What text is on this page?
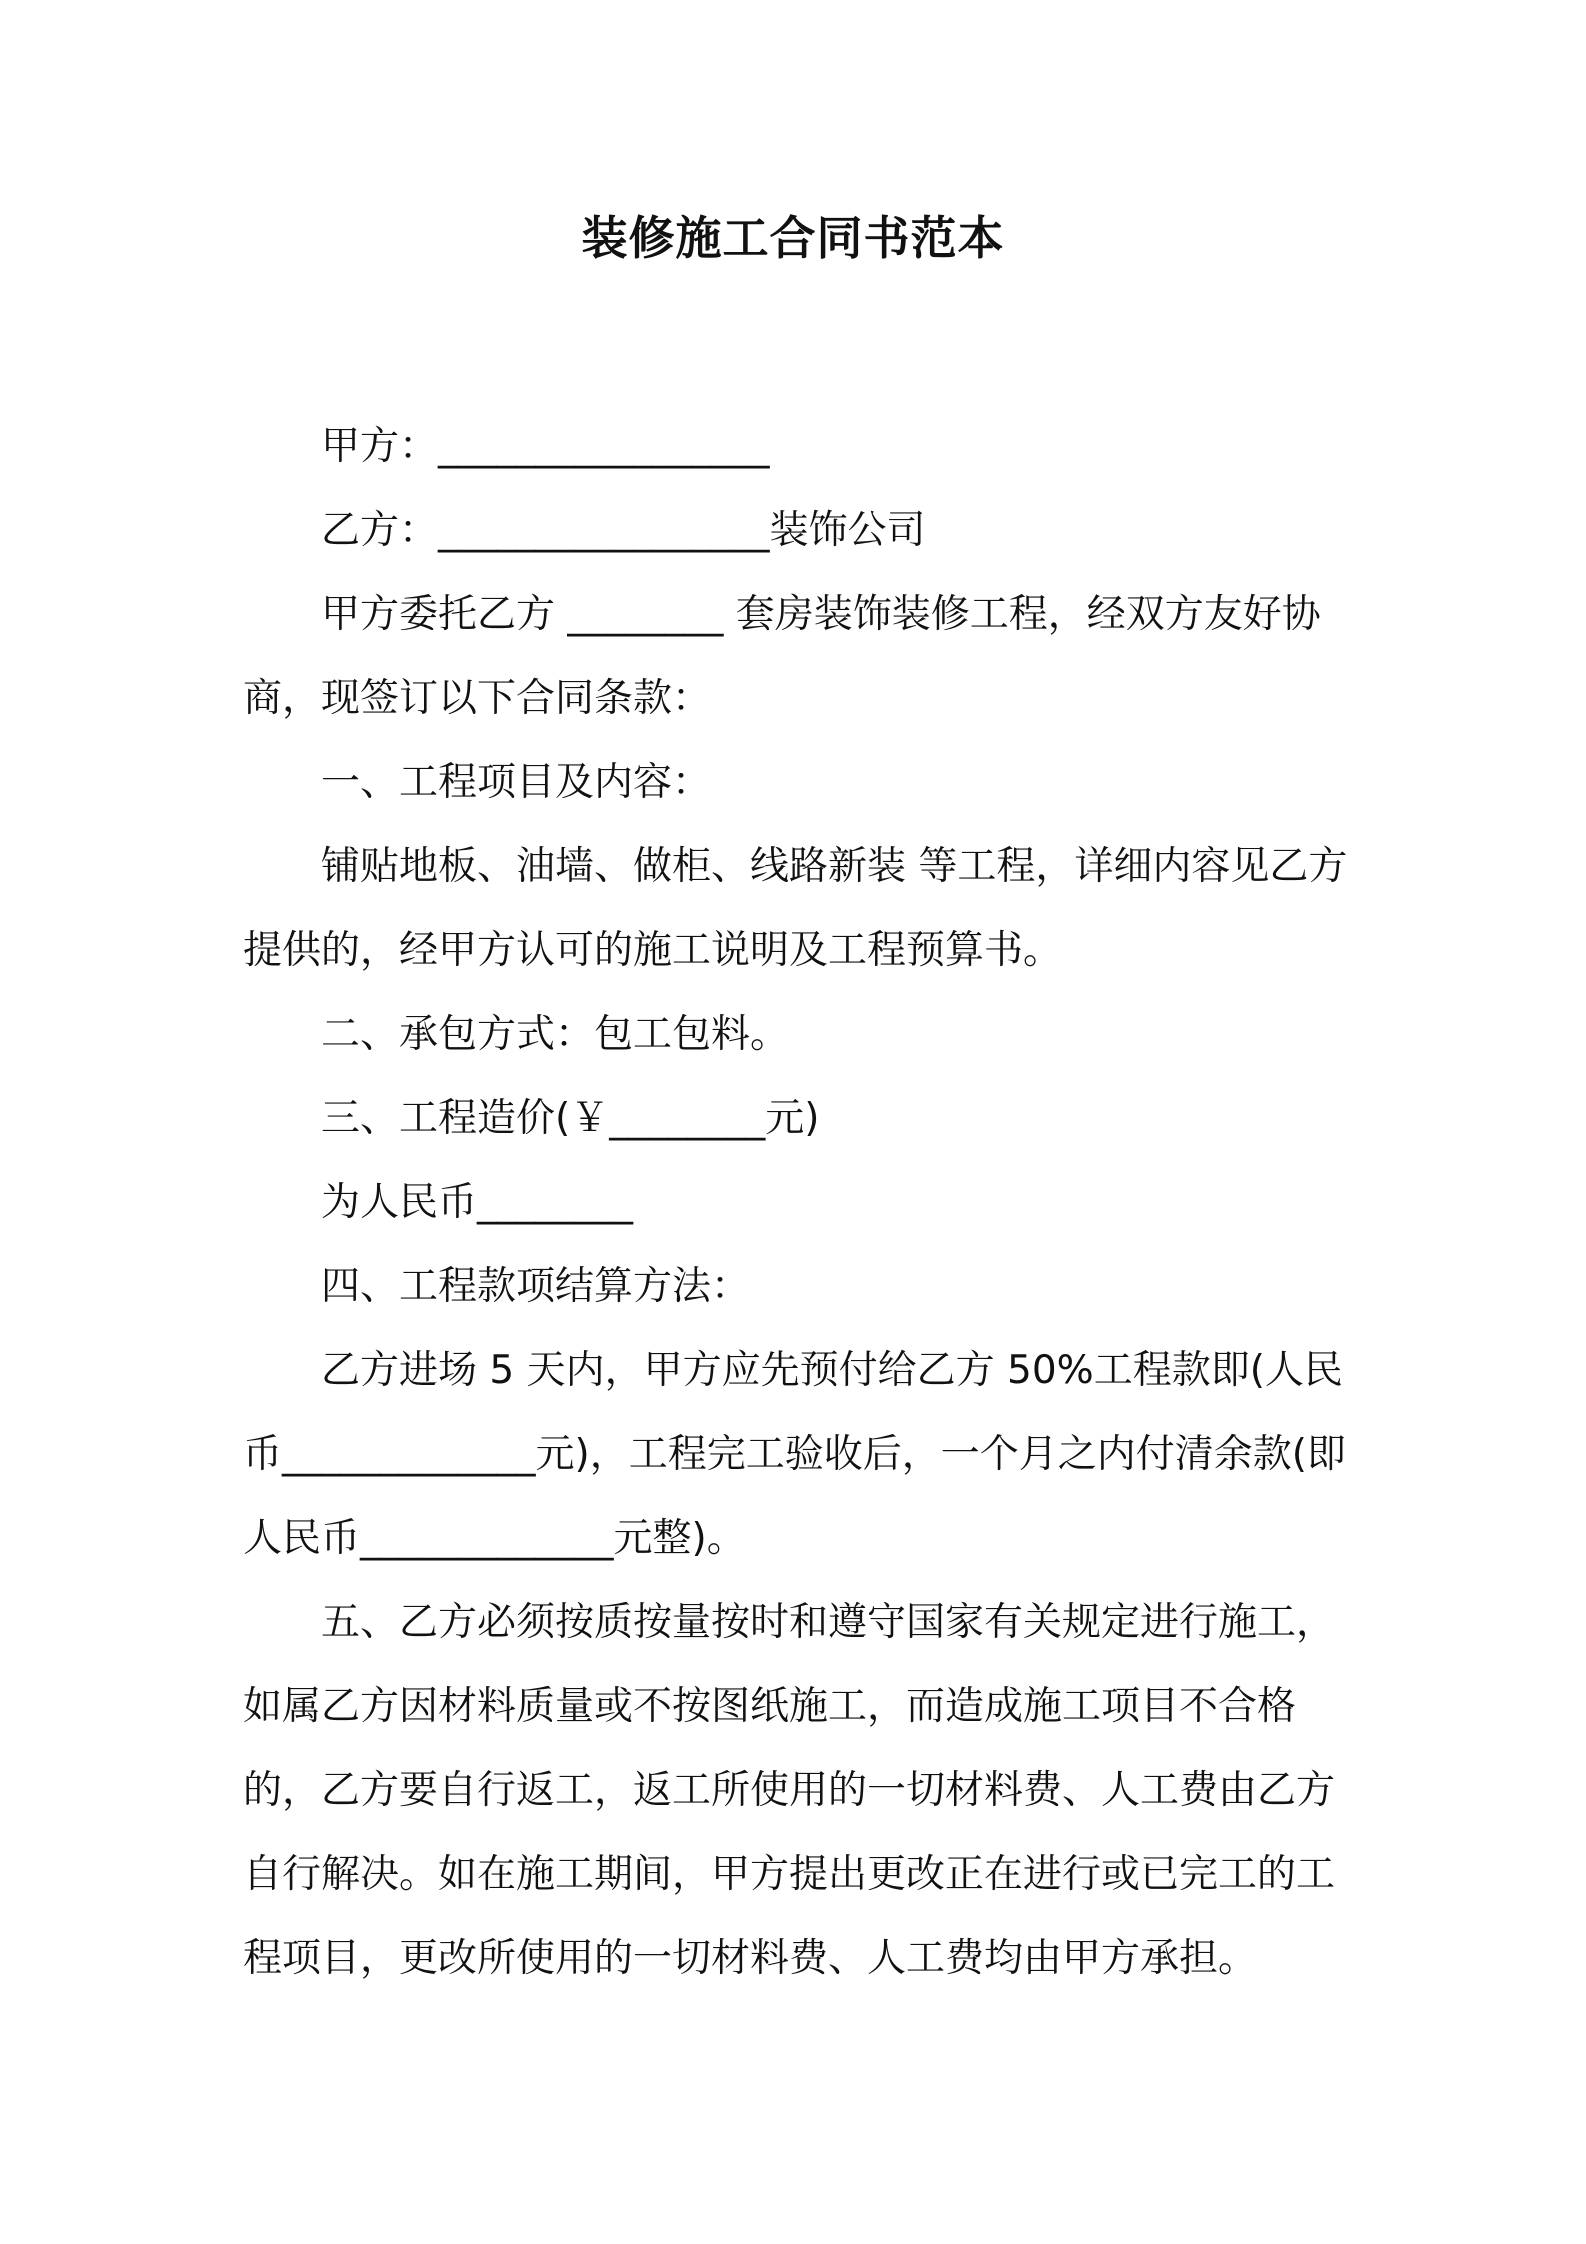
装修施工合同书范本

甲方：_________________

乙方：_________________装饰公司

甲方委托乙方 ________ 套房装饰装修工程，经双方友好协商，现签订以下合同条款：

一、工程项目及内容：

铺贴地板、油墙、做柜、线路新装 等工程，详细内容见乙方提供的，经甲方认可的施工说明及工程预算书。

二、承包方式：包工包料。

三、工程造价(￥________元)

为人民币________

四、工程款项结算方法：

乙方进场 5 天内，甲方应先预付给乙方 50%工程款即(人民币_____________元)，工程完工验收后，一个月之内付清余款(即人民币_____________元整)。

五、乙方必须按质按量按时和遵守国家有关规定进行施工，如属乙方因材料质量或不按图纸施工，而造成施工项目不合格的，乙方要自行返工，返工所使用的一切材料费、人工费由乙方自行解决。如在施工期间，甲方提出更改正在进行或已完工的工程项目，更改所使用的一切材料费、人工费均由甲方承担。
